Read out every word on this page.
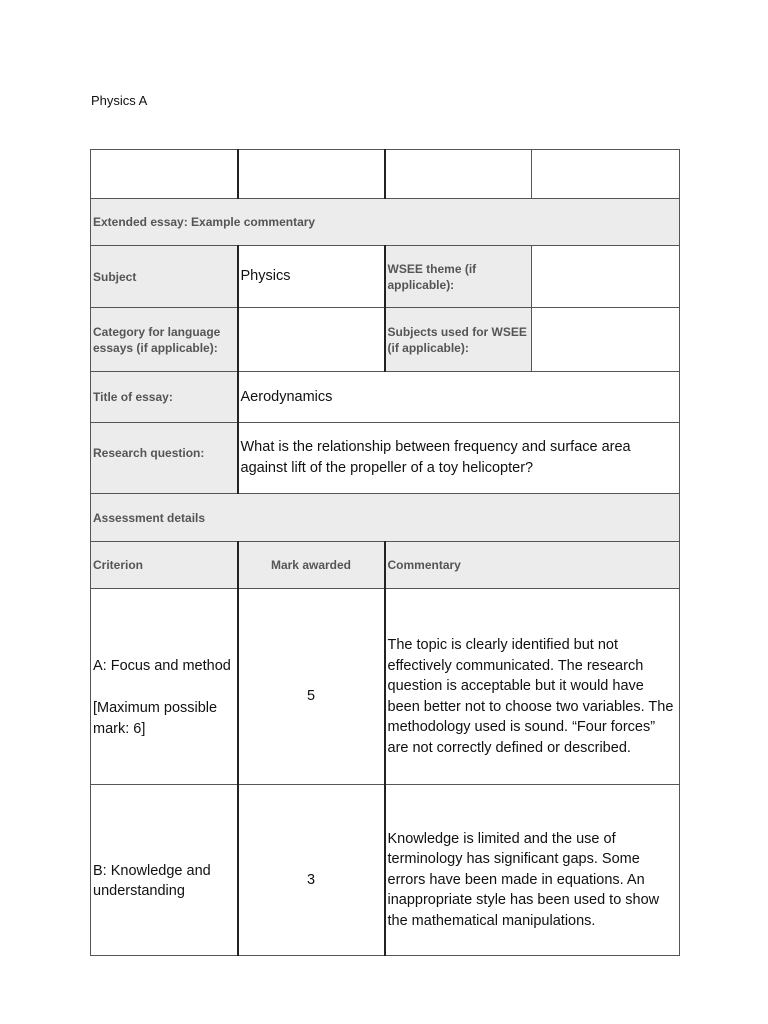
Physics A

Extended essay: Example commentary			
Subject	Physics	WSEE theme (if applicable):	
Category for language essays (if applicable):		Subjects used for WSEE (if applicable):	
Title of essay:	Aerodynamics		
Research question:	What is the relationship between frequency and surface area against lift of the propeller of a toy helicopter?		
Assessment details			
Criterion	Mark awarded	Commentary	

A: Focus and method
[Maximum possible mark: 6]	5	The topic is clearly identified but not effectively communicated. The research question is acceptable but it would have been better not to choose two variables. The methodology used is sound. “Four forces” are not correctly defined or described.	

B: Knowledge and understanding	3	Knowledge is limited and the use of terminology has significant gaps. Some errors have been made in equations. An inappropriate style has been used to show the mathematical manipulations.	
